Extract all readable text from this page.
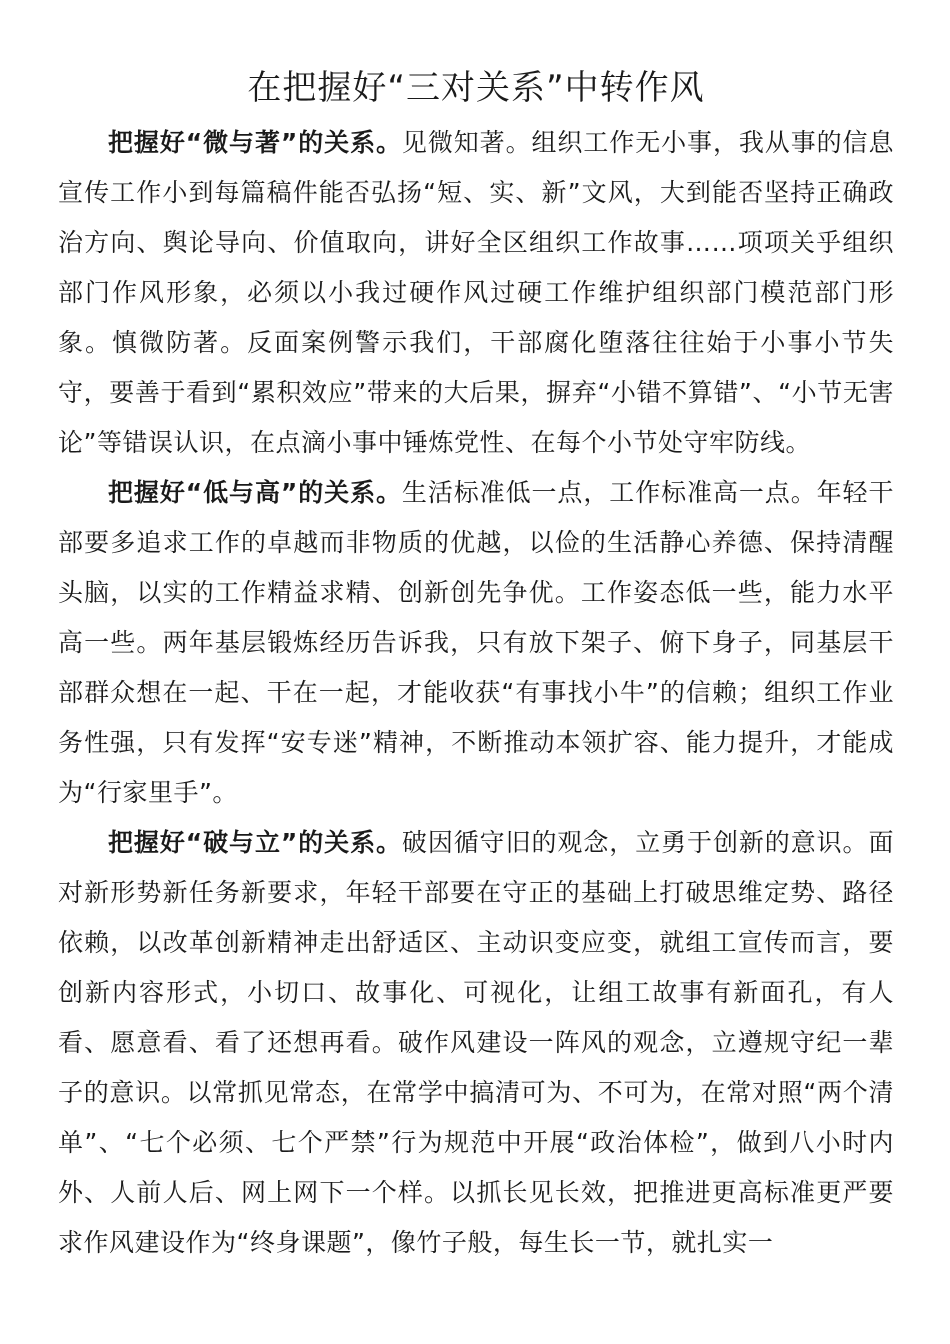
在把握好“三对关系”中转作风

把握好“微与著”的关系。见微知著。组织工作无小事，我从事的信息宣传工作小到每篇稿件能否弘扬“短、实、新”文风，大到能否坚持正确政治方向、舆论导向、价值取向，讲好全区组织工作故事……项项关乎组织部门作风形象，必须以小我过硬作风过硬工作维护组织部门模范部门形象。慎微防著。反面案例警示我们，干部腐化堕落往往始于小事小节失守，要善于看到“累积效应”带来的大后果，摒弃“小错不算错”、“小节无害论”等错误认识，在点滴小事中锤炼党性、在每个小节处守牢防线。

把握好“低与高”的关系。生活标准低一点，工作标准高一点。年轻干部要多追求工作的卓越而非物质的优越，以俭的生活静心养德、保持清醒头脑，以实的工作精益求精、创新创先争优。工作姿态低一些，能力水平高一些。两年基层锻炼经历告诉我，只有放下架子、俯下身子，同基层干部群众想在一起、干在一起，才能收获“有事找小牛”的信赖；组织工作业务性强，只有发挥“安专迷”精神，不断推动本领扩容、能力提升，才能成为“行家里手”。

把握好“破与立”的关系。破因循守旧的观念，立勇于创新的意识。面对新形势新任务新要求，年轻干部要在守正的基础上打破思维定势、路径依赖，以改革创新精神走出舒适区、主动识变应变，就组工宣传而言，要创新内容形式，小切口、故事化、可视化，让组工故事有新面孔，有人看、愿意看、看了还想再看。破作风建设一阵风的观念，立遵规守纪一辈子的意识。以常抓见常态，在常学中搞清可为、不可为，在常对照“两个清单”、“七个必须、七个严禁”行为规范中开展“政治体检”，做到八小时内外、人前人后、网上网下一个样。以抓长见长效，把推进更高标准更严要求作风建设作为“终身课题”，像竹子般，每生长一节，就扎实一
